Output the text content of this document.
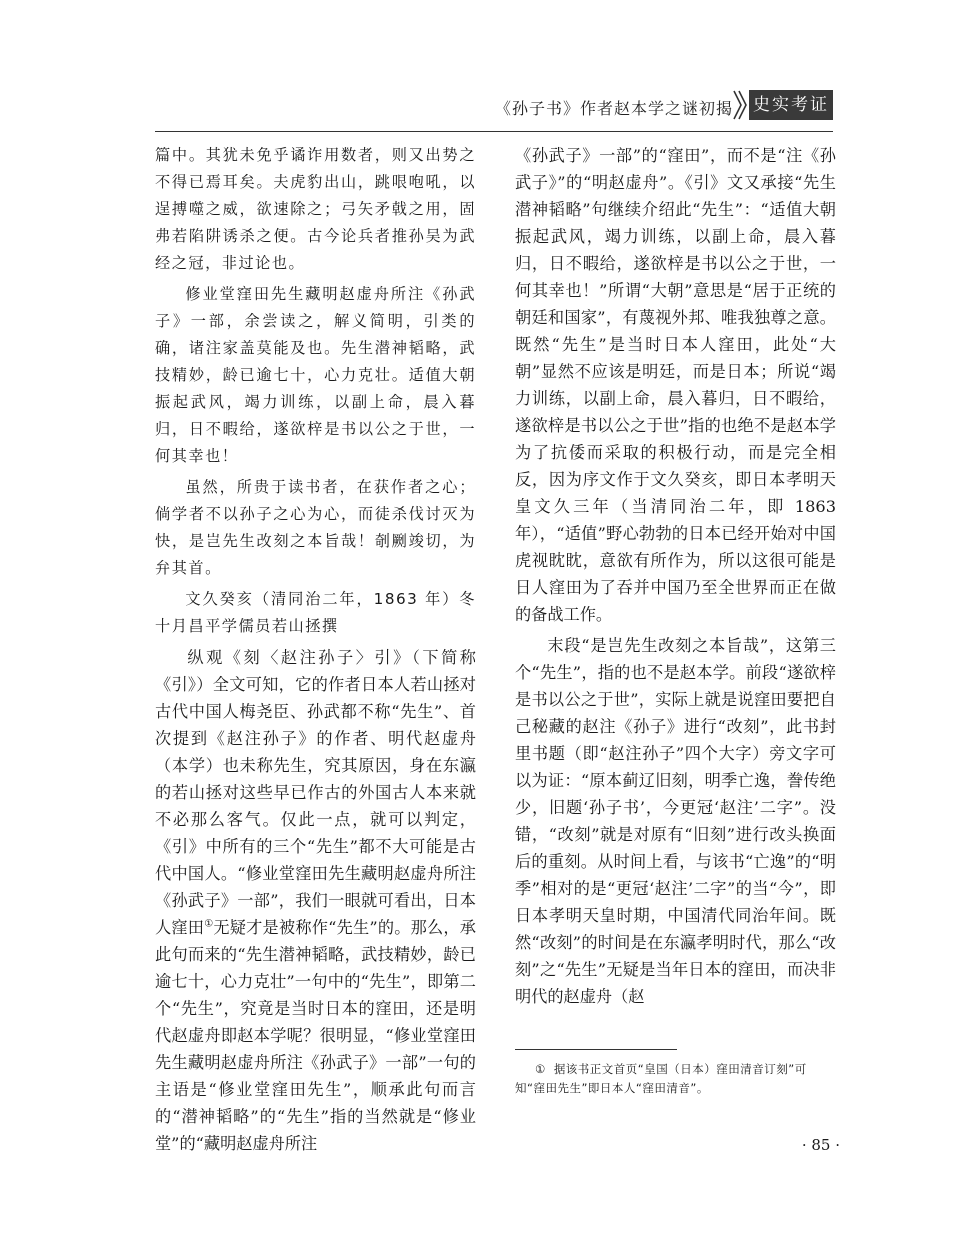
《孙子书》作者赵本学之谜初揭 史实考证

篇中。其犹未免乎谲诈用数者，则又出势之不得已焉耳矣。夫虎豹出山，跳哏咆吼，以逞搏噬之威，欲速除之；弓矢矛戟之用，固弗若陷阱诱杀之便。古今论兵者推孙吴为武经之冠，非过论也。

修业堂窪田先生藏明赵虚舟所注《孙武子》一部，余尝读之，解义简明，引类的确，诸注家盖莫能及也。先生潜神韬略，武技精妙，龄已逾七十，心力克壮。适值大朝振起武风，竭力训练，以副上命，晨入暮归，日不暇给，遂欲梓是书以公之于世，一何其幸也！

虽然，所贵于读书者，在获作者之心；倘学者不以孙子之心为心，而徒杀伐讨灭为快，是岂先生改刻之本旨哉！剞劂竣切，为弁其首。

文久癸亥（清同治二年，1863 年）冬十月昌平学儒员若山拯撰

纵观《刻〈赵注孙子〉引》（下简称《引》）全文可知，它的作者日本人若山拯对古代中国人梅尧臣、孙武都不称“先生”、首次提到《赵注孙子》的作者、明代赵虚舟（本学）也未称先生，究其原因，身在东瀛的若山拯对这些早已作古的外国古人本来就不必那么客气。仅此一点，就可以判定，《引》中所有的三个“先生”都不大可能是古代中国人。“修业堂窪田先生藏明赵虚舟所注《孙武子》一部”，我们一眼就可看出，日本人窪田①无疑才是被称作“先生”的。那么，承此句而来的“先生潜神韬略，武技精妙，龄已逾七十，心力克壮”一句中的“先生”，即第二个“先生”，究竟是当时日本的窪田，还是明代赵虚舟即赵本学呢？很明显，“修业堂窪田先生藏明赵虚舟所注《孙武子》一部”一句的主语是“修业堂窪田先生”，顺承此句而言的“潜神韬略”的“先生”指的当然就是“修业堂”的“藏明赵虚舟所注

《孙武子》一部”的“窪田”，而不是“注《孙武子》”的“明赵虚舟”。《引》文又承接“先生潜神韬略”句继续介绍此“先生”：“适值大朝振起武风，竭力训练，以副上命，晨入暮归，日不暇给，遂欲梓是书以公之于世，一何其幸也！”所谓“大朝”意思是“居于正统的朝廷和国家”，有蔑视外邦、唯我独尊之意。既然“先生”是当时日本人窪田，此处“大朝”显然不应该是明廷，而是日本；所说“竭力训练，以副上命，晨入暮归，日不暇给，遂欲梓是书以公之于世”指的也绝不是赵本学为了抗倭而采取的积极行动，而是完全相反，因为序文作于文久癸亥，即日本孝明天皇文久三年（当清同治二年，即 1863 年），“适值”野心勃勃的日本已经开始对中国虎视眈眈，意欲有所作为，所以这很可能是日人窪田为了吞并中国乃至全世界而正在做的备战工作。

末段“是岂先生改刻之本旨哉”，这第三个“先生”，指的也不是赵本学。前段“遂欲梓是书以公之于世”，实际上就是说窪田要把自己秘藏的赵注《孙子》进行“改刻”，此书封里书题（即“赵注孙子”四个大字）旁文字可以为证：“原本蓟辽旧刻，明季亡逸，誊传绝少，旧题‘孙子书’，今更冠‘赵注’二字”。没错，“改刻”就是对原有“旧刻”进行改头换面后的重刻。从时间上看，与该书“亡逸”的“明季”相对的是“更冠‘赵注’二字”的当“今”，即日本孝明天皇时期，中国清代同治年间。既然“改刻”的时间是在东瀛孝明时代，那么“改刻”之“先生”无疑是当年日本的窪田，而决非明代的赵虚舟（赵

① 据该书正文首页“皇国（日本）窪田清音订刻”可知“窪田先生”即日本人“窪田清音”。
· 85 ·
